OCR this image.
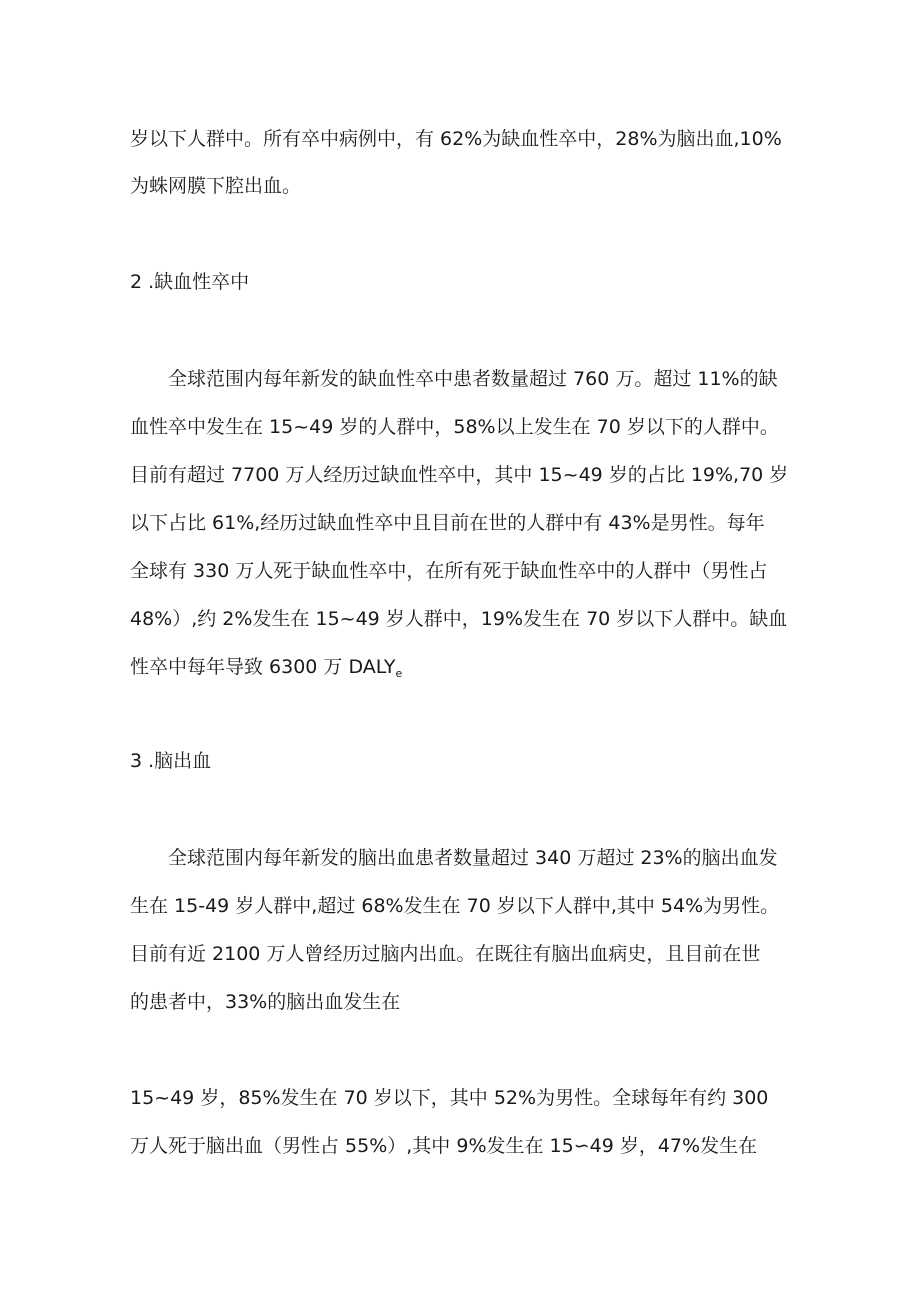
岁以下人群中。所有卒中病例中，有 62%为缺血性卒中，28%为脑出血,10%
为蛛网膜下腔出血。
2 .缺血性卒中
全球范围内每年新发的缺血性卒中患者数量超过 760 万。超过 11%的缺
血性卒中发生在 15~49 岁的人群中，58%以上发生在 70 岁以下的人群中。
目前有超过 7700 万人经历过缺血性卒中，其中 15~49 岁的占比 19%,70 岁
以下占比 61%,经历过缺血性卒中且目前在世的人群中有 43%是男性。每年
全球有 330 万人死于缺血性卒中，在所有死于缺血性卒中的人群中（男性占
48%）,约 2%发生在 15~49 岁人群中，19%发生在 70 岁以下人群中。缺血
性卒中每年导致 6300 万 $DALY_e$
3 .脑出血
全球范围内每年新发的脑出血患者数量超过 340 万超过 23%的脑出血发
生在 15-49 岁人群中,超过 68%发生在 70 岁以下人群中,其中 54%为男性。
目前有近 2100 万人曾经历过脑内出血。在既往有脑出血病史，且目前在世
的患者中，33%的脑出血发生在
15~49 岁，85%发生在 70 岁以下，其中 52%为男性。全球每年有约 300
万人死于脑出血（男性占 55%）,其中 9%发生在 15∽49 岁，47%发生在
